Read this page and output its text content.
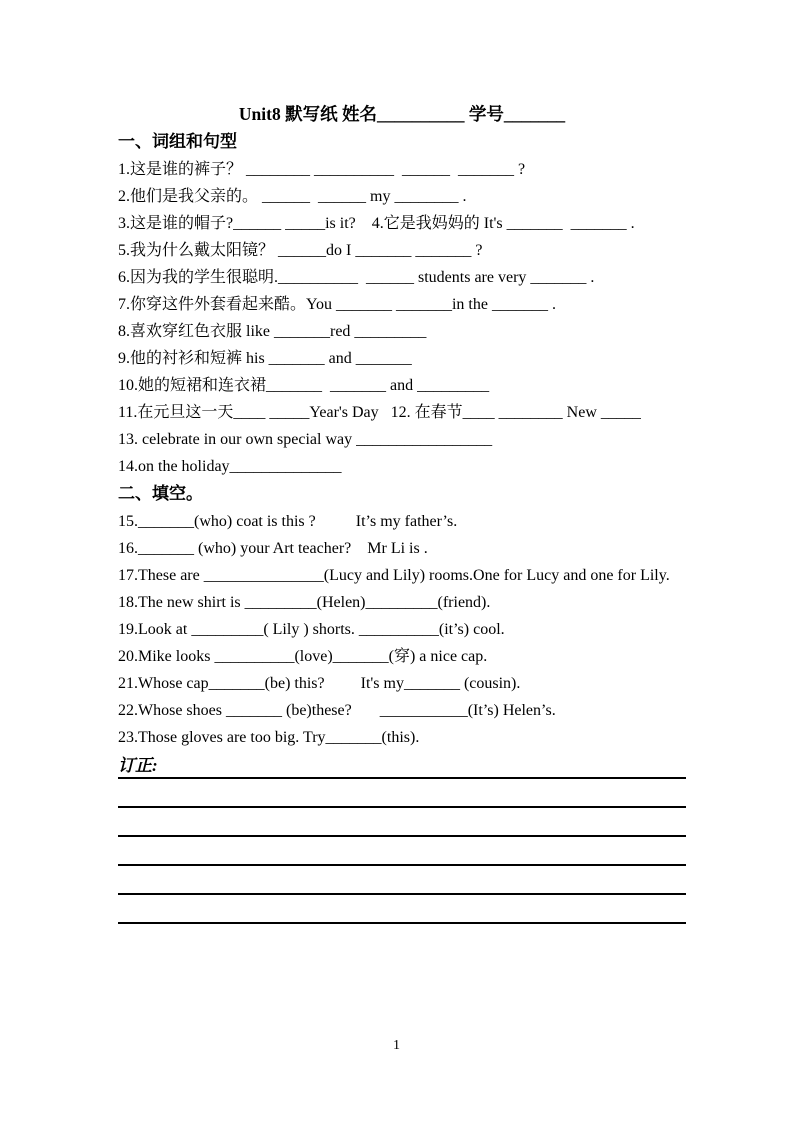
Unit8 默写纸 姓名__________ 学号_______
一、词组和句型
1.这是谁的裤子？ ________ __________  ______  _______ ?
2.他们是我父亲的。 ______  ______ my ________ .
3.这是谁的帽子?______ _____is it?    4.它是我妈妈的 It's _______  _______ .
5.我为什么戴太阳镜？ ______do I _______ _______ ?
6.因为我的学生很聪明.__________  ______ students are very _______ .
7.你穿这件外套看起来酷。You _______ _______in the _______ .
8.喜欢穿红色衣服 like _______red _________
9.他的衬衫和短裤 his _______ and _______
10.她的短裙和连衣裙_______  _______ and _________
11.在元旦这一天____ _____Year's Day   12. 在春节____ ________ New _____
13. celebrate in our own special way _________________
14.on the holiday______________
二、填空。
15._______(who) coat is this ?          It’s my father’s.
16._______ (who) your Art teacher?    Mr Li is .
17.These are _______________(Lucy and Lily) rooms.One for Lucy and one for Lily.
18.The new shirt is _________(Helen)_________(friend).
19.Look at _________( Lily ) shorts. __________(it’s) cool.
20.Mike looks __________(love)_______(穿) a nice cap.
21.Whose cap_______(be) this?         It's my_______ (cousin).
22.Whose shoes _______ (be)these?       ___________(It’s) Helen’s.
23.Those gloves are too big. Try_______(this).
订正:
1
